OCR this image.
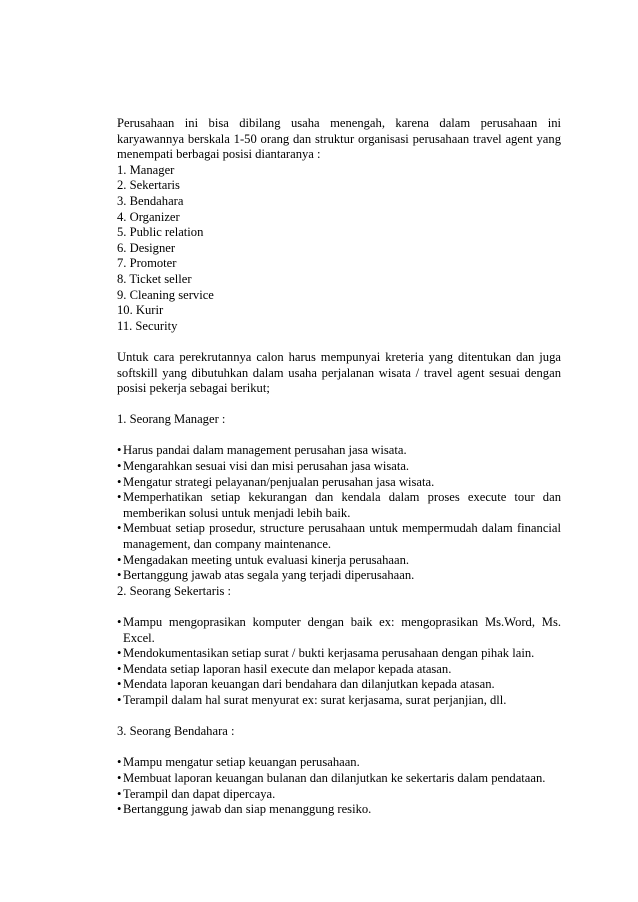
Perusahaan ini bisa dibilang usaha menengah, karena dalam perusahaan ini karyawannya berskala 1-50 orang dan struktur organisasi perusahaan travel agent yang menempati berbagai posisi diantaranya :
1. Manager
2. Sekertaris
3. Bendahara
4. Organizer
5. Public relation
6. Designer
7. Promoter
8. Ticket seller
9. Cleaning service
10. Kurir
11. Security
Untuk cara perekrutannya calon harus mempunyai kreteria yang ditentukan dan juga softskill yang dibutuhkan dalam usaha perjalanan wisata / travel agent sesuai dengan posisi pekerja sebagai berikut;
1. Seorang Manager :
• Harus pandai dalam management perusahan jasa wisata.
• Mengarahkan sesuai visi dan misi perusahan jasa wisata.
• Mengatur strategi pelayanan/penjualan perusahan jasa wisata.
• Memperhatikan setiap kekurangan dan kendala dalam proses execute tour dan memberikan solusi untuk menjadi lebih baik.
• Membuat setiap prosedur, structure perusahaan untuk mempermudah dalam financial management, dan company maintenance.
• Mengadakan meeting untuk evaluasi kinerja perusahaan.
• Bertanggung jawab atas segala yang terjadi diperusahaan.
2. Seorang Sekertaris :
• Mampu mengoprasikan komputer dengan baik ex: mengoprasikan Ms.Word, Ms. Excel.
• Mendokumentasikan setiap surat / bukti kerjasama perusahaan dengan pihak lain.
• Mendata setiap laporan hasil execute dan melapor kepada atasan.
• Mendata laporan keuangan dari bendahara dan dilanjutkan kepada atasan.
• Terampil dalam hal surat menyurat ex: surat kerjasama, surat perjanjian, dll.
3. Seorang Bendahara :
• Mampu mengatur setiap keuangan perusahaan.
• Membuat laporan keuangan bulanan dan dilanjutkan ke sekertaris dalam pendataan.
• Terampil dan dapat dipercaya.
• Bertanggung jawab dan siap menanggung resiko.
